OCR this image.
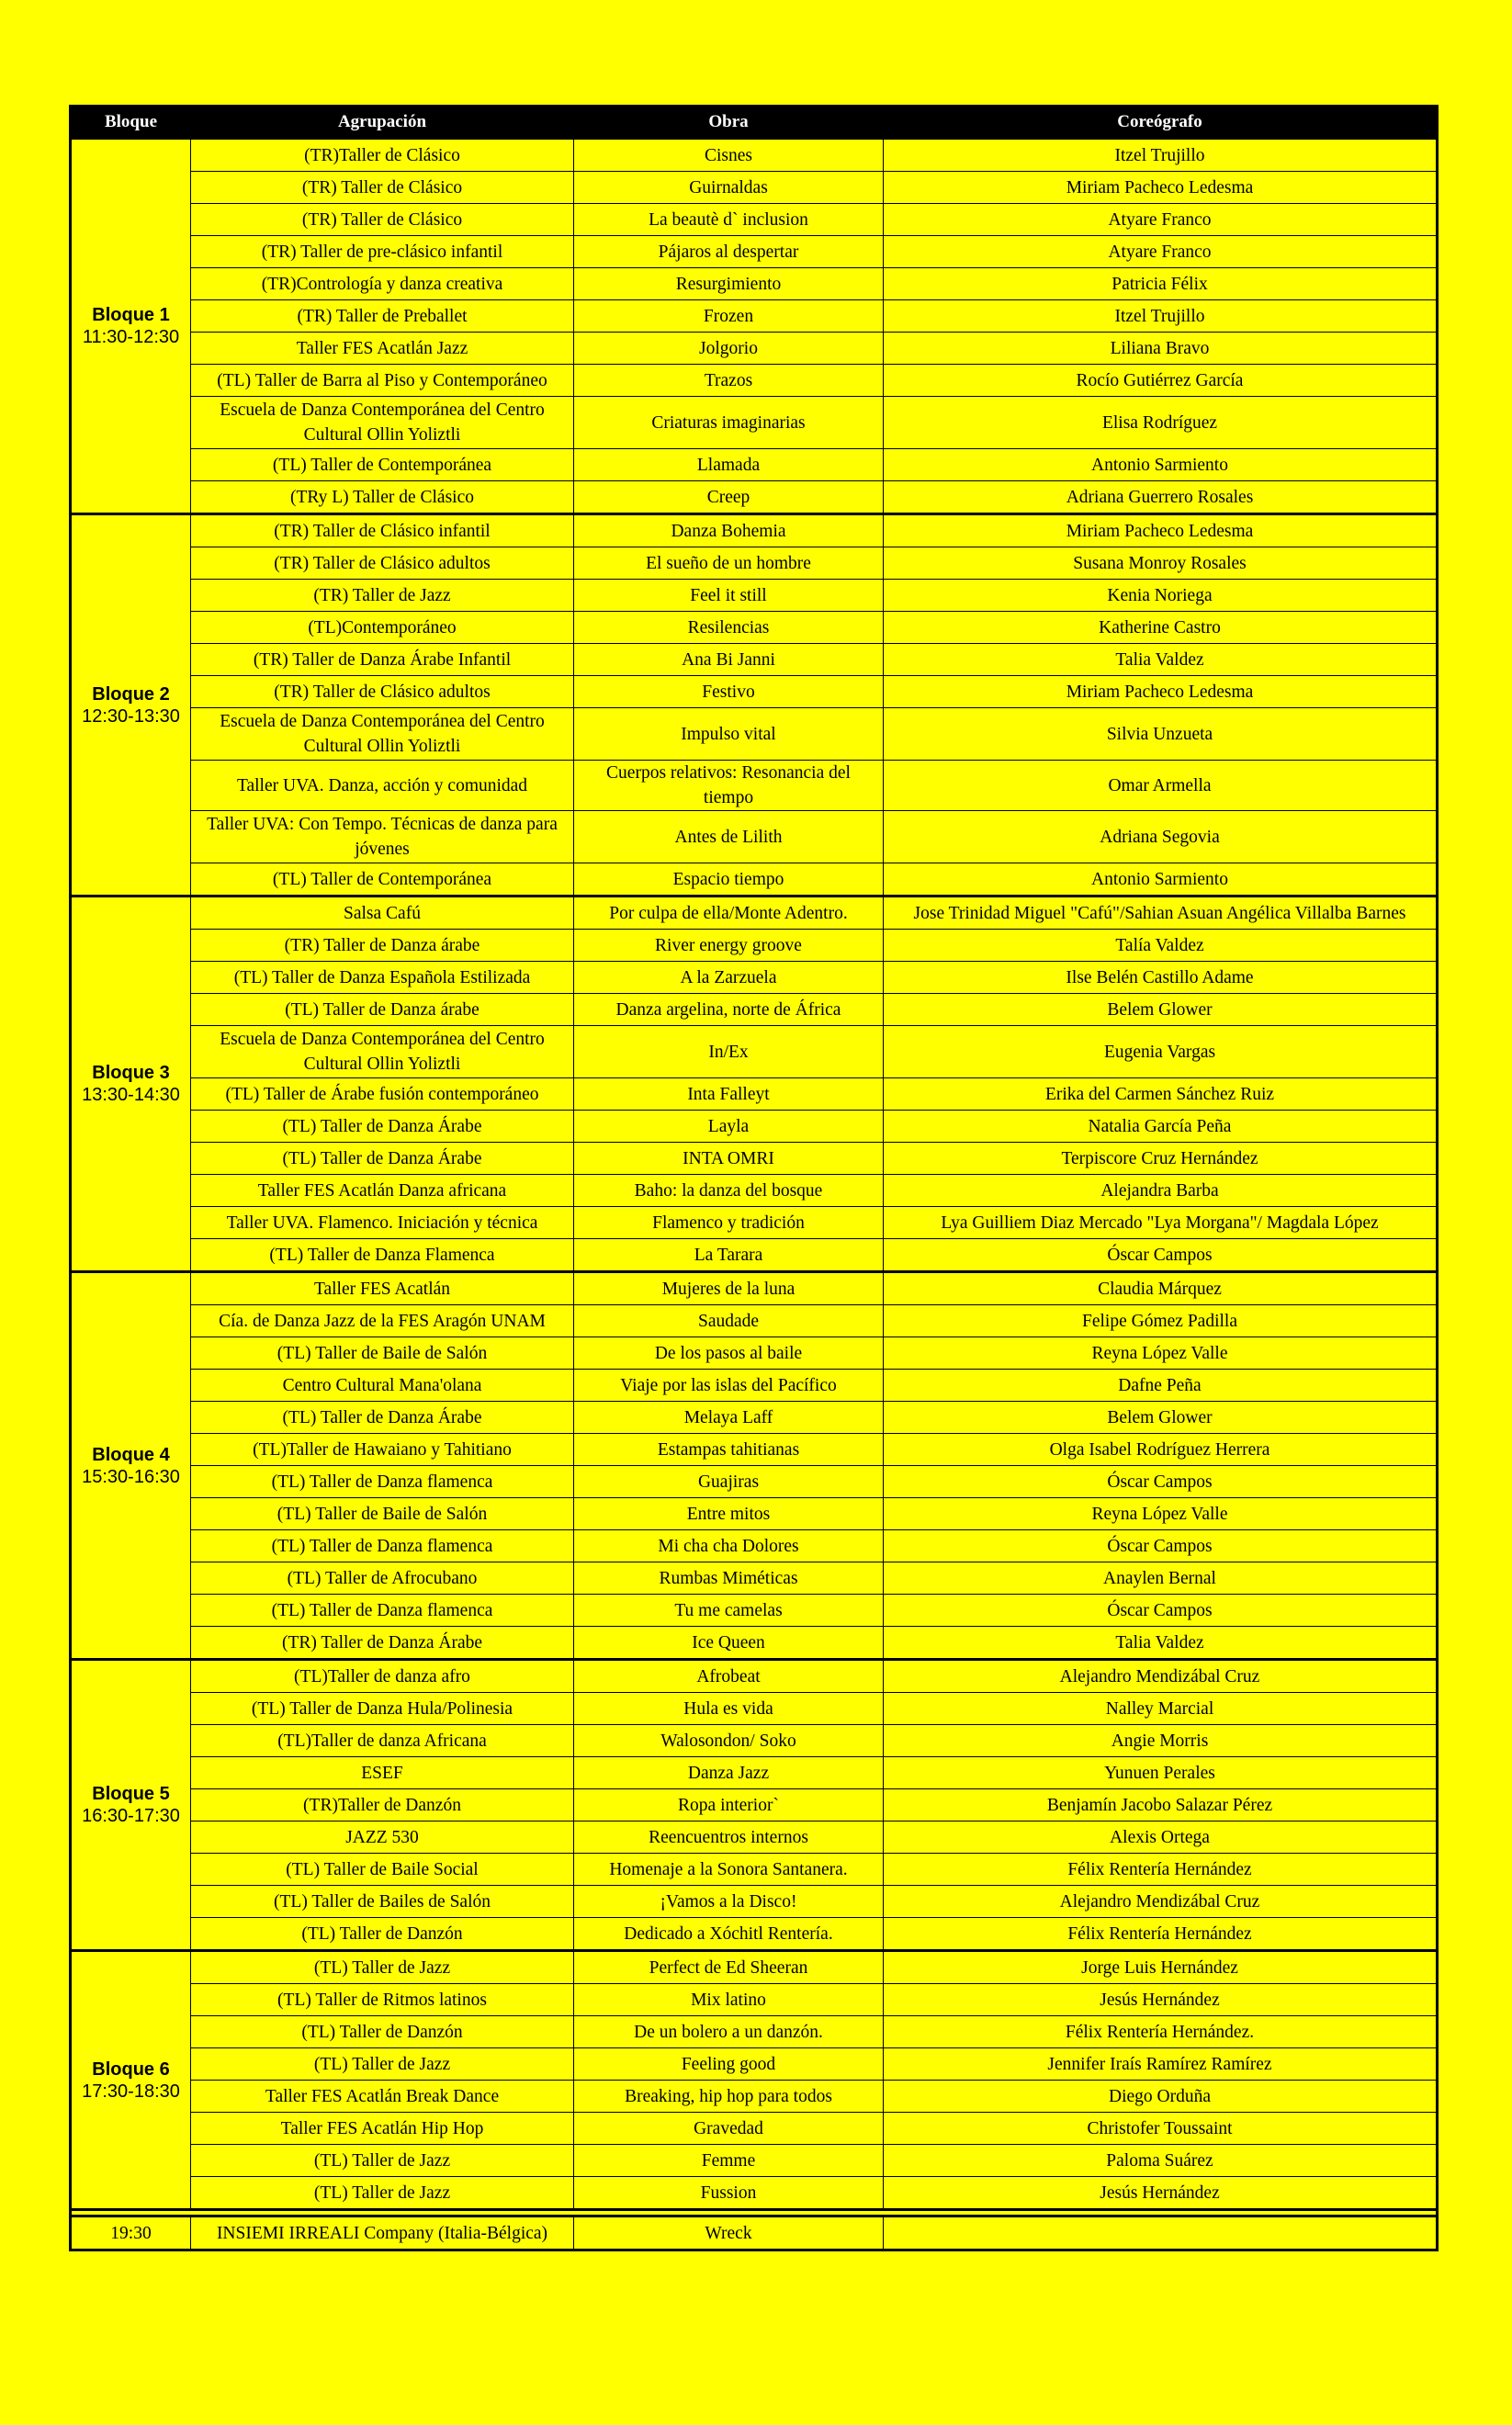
Bloque	Agrupación	Obra	Coreógrafo

Bloque 1
11:30-12:30	(TR)Taller de Clásico	Cisnes	Itzel Trujillo
	(TR) Taller de Clásico	Guirnaldas	Miriam Pacheco Ledesma
	(TR) Taller de Clásico	La beautè d` inclusion	Atyare Franco
	(TR) Taller de pre-clásico infantil	Pájaros al despertar	Atyare Franco
	(TR)Contrología y danza creativa	Resurgimiento	Patricia Félix
	(TR) Taller de Preballet	Frozen	Itzel Trujillo
	Taller FES Acatlán Jazz	Jolgorio	Liliana Bravo
	(TL) Taller de Barra al Piso y Contemporáneo	Trazos	Rocío Gutiérrez García
	Escuela de Danza Contemporánea del Centro Cultural Ollin Yoliztli	Criaturas imaginarias	Elisa Rodríguez
	(TL) Taller de Contemporánea	Llamada	Antonio Sarmiento
	(TRy L) Taller de Clásico	Creep	Adriana Guerrero Rosales

Bloque 2
12:30-13:30	(TR) Taller de Clásico infantil	Danza Bohemia	Miriam Pacheco Ledesma
	(TR) Taller de Clásico adultos	El sueño de un hombre	Susana Monroy Rosales
	(TR) Taller de Jazz	Feel it still	Kenia Noriega
	(TL)Contemporáneo	Resilencias	Katherine Castro
	(TR) Taller de Danza Árabe Infantil	Ana Bi Janni	Talia Valdez
	(TR) Taller de Clásico adultos	Festivo	Miriam Pacheco Ledesma
	Escuela de Danza Contemporánea del Centro Cultural Ollin Yoliztli	Impulso vital	Silvia Unzueta
	Taller UVA. Danza, acción y comunidad	Cuerpos relativos: Resonancia del tiempo	Omar Armella
	Taller UVA: Con Tempo. Técnicas de danza para jóvenes	Antes de Lilith	Adriana Segovia
	(TL) Taller de Contemporánea	Espacio tiempo	Antonio Sarmiento

Bloque 3
13:30-14:30	Salsa Cafú	Por culpa de ella/Monte Adentro.	Jose Trinidad Miguel "Cafú"/Sahian Asuan Angélica Villalba Barnes
	(TR) Taller de Danza árabe	River energy groove	Talía Valdez
	(TL) Taller de Danza Española Estilizada	A la Zarzuela	Ilse Belén Castillo Adame
	(TL) Taller de Danza árabe	Danza argelina, norte de África	Belem Glower
	Escuela de Danza Contemporánea del Centro Cultural Ollin Yoliztli	In/Ex	Eugenia Vargas
	(TL) Taller de Árabe fusión contemporáneo	Inta Falleyt	Erika del Carmen Sánchez Ruiz
	(TL) Taller de Danza Árabe	Layla	Natalia García Peña
	(TL) Taller de Danza Árabe	INTA OMRI	Terpiscore Cruz Hernández
	Taller FES Acatlán Danza africana	Baho: la danza del bosque	Alejandra Barba
	Taller UVA. Flamenco. Iniciación y técnica	Flamenco y tradición	Lya Guilliem Diaz Mercado "Lya Morgana"/ Magdala López
	(TL) Taller de Danza Flamenca	La Tarara	Óscar Campos

Bloque 4
15:30-16:30	Taller FES Acatlán	Mujeres de la luna	Claudia Márquez
	Cía. de Danza Jazz de la FES Aragón UNAM	Saudade	Felipe Gómez Padilla
	(TL) Taller de Baile de Salón	De los pasos al baile	Reyna López Valle
	Centro Cultural Mana'olana	Viaje por las islas del Pacífico	Dafne Peña
	(TL) Taller de Danza Árabe	Melaya Laff	Belem Glower
	(TL)Taller de Hawaiano y Tahitiano	Estampas tahitianas	Olga Isabel Rodríguez Herrera
	(TL) Taller de Danza flamenca	Guajiras	Óscar Campos
	(TL) Taller de Baile de Salón	Entre mitos	Reyna López Valle
	(TL) Taller de Danza flamenca	Mi cha cha Dolores	Óscar Campos
	(TL) Taller de Afrocubano	Rumbas Miméticas	Anaylen Bernal
	(TL) Taller de Danza flamenca	Tu me camelas	Óscar Campos
	(TR) Taller de Danza Árabe	Ice Queen	Talia Valdez

Bloque 5
16:30-17:30	(TL)Taller de danza afro	Afrobeat	Alejandro Mendizábal Cruz
	(TL) Taller de Danza Hula/Polinesia	Hula es vida	Nalley Marcial
	(TL)Taller de danza Africana	Walosondon/ Soko	Angie Morris
	ESEF	Danza Jazz	Yunuen Perales
	(TR)Taller de Danzón	Ropa interior`	Benjamín Jacobo Salazar Pérez
	JAZZ 530	Reencuentros internos	Alexis Ortega
	(TL) Taller de Baile Social	Homenaje a la Sonora Santanera.	Félix Rentería Hernández
	(TL) Taller de Bailes de Salón	¡Vamos a la Disco!	Alejandro Mendizábal Cruz
	(TL) Taller de Danzón	Dedicado a Xóchitl Rentería.	Félix Rentería Hernández

Bloque 6
17:30-18:30	(TL) Taller de Jazz	Perfect de Ed Sheeran	Jorge Luis Hernández
	(TL) Taller de Ritmos latinos	Mix latino	Jesús Hernández
	(TL) Taller de Danzón	De un bolero a un danzón.	Félix Rentería Hernández.
	(TL) Taller de Jazz	Feeling good	Jennifer Iraís Ramírez Ramírez
	Taller FES Acatlán Break Dance	Breaking, hip hop para todos	Diego Orduña
	Taller FES Acatlán Hip Hop	Gravedad	Christofer Toussaint
	(TL) Taller de Jazz	Femme	Paloma Suárez
	(TL) Taller de Jazz	Fussion	Jesús Hernández

19:30	INSIEMI IRREALI Company (Italia-Bélgica)	Wreck	
